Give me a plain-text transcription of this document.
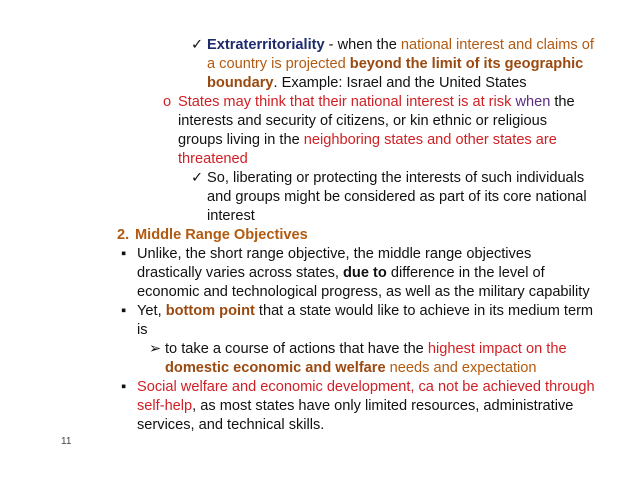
✓ Extraterritoriality - when the national interest and claims of
a country is projected beyond the limit of its geographic
boundary. Example: Israel and the United States
o States may think that their national interest is at risk when the
interests and security of citizens, or kin ethnic or religious
groups living in the neighboring states and other states are
threatened
✓ So, liberating or protecting the interests of such individuals
and groups might be considered as part of its core national
interest
2. Middle Range Objectives
▪ Unlike, the short range objective, the middle range objectives
drastically varies across states, due to difference in the level of
economic and technological progress, as well as the military capability
▪ Yet, bottom point that a state would like to achieve in its medium term
is
➢ to take a course of actions that have the highest impact on the
domestic economic and welfare needs and expectation
▪ Social welfare and economic development, ca not be achieved through
self-help, as most states have only limited resources, administrative
services, and technical skills.
11
